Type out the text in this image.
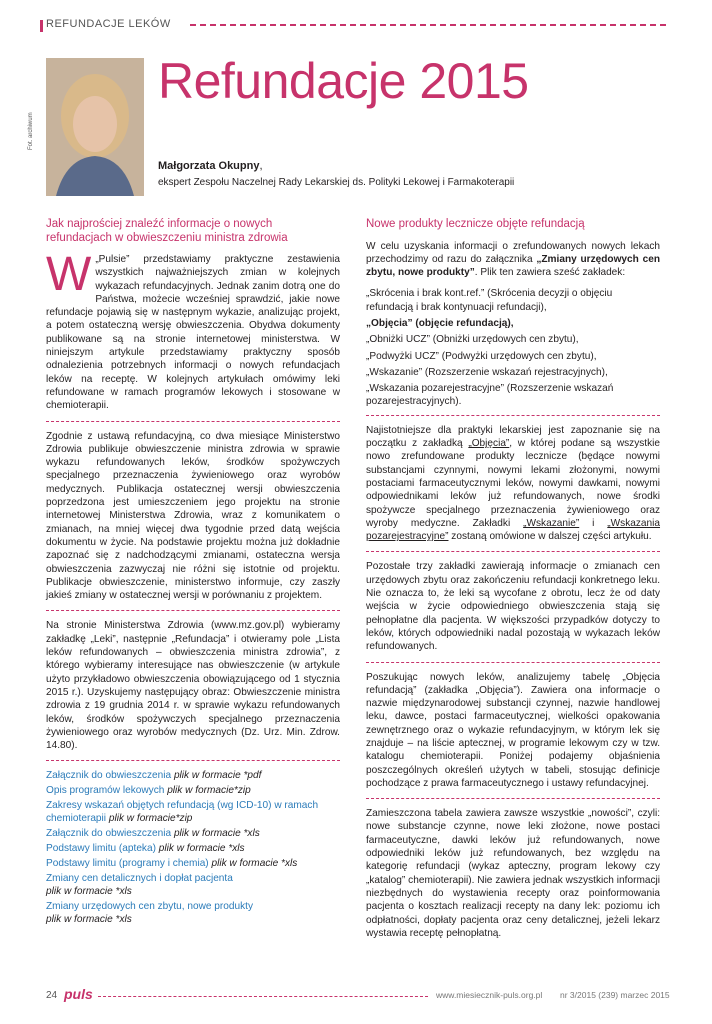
REFUNDACJE LEKÓW
Fot. archiwum
Refundacje 2015
Małgorzata Okupny,
ekspert Zespołu Naczelnej Rady Lekarskiej ds. Polityki Lekowej i Farmakoterapii
Jak najprościej znaleźć informacje o nowych refundacjach w obwieszczeniu ministra zdrowia

W „Pulsie” przedstawiamy praktyczne zestawienia wszystkich najważniejszych zmian w kolejnych wykazach refundacyjnych. Jednak zanim dotrą one do Państwa, możecie wcześniej sprawdzić, jakie nowe refundacje pojawią się w następnym wykazie, analizując projekt, a potem ostateczną wersję obwieszczenia. Obydwa dokumenty publikowane są na stronie internetowej ministerstwa. W niniejszym artykule przedstawiamy praktyczny sposób odnalezienia potrzebnych informacji o nowych refundacjach leków na receptę. W kolejnych artykułach omówimy leki refundowane w ramach programów lekowych i stosowane w chemioterapii.

Zgodnie z ustawą refundacyjną, co dwa miesiące Ministerstwo Zdrowia publikuje obwieszczenie ministra zdrowia w sprawie wykazu refundowanych leków, środków spożywczych specjalnego przeznaczenia żywieniowego oraz wyrobów medycznych. Publikacja ostatecznej wersji obwieszczenia poprzedzona jest umieszczeniem jego projektu na stronie internetowej Ministerstwa Zdrowia, wraz z komunikatem o zmianach, na mniej więcej dwa tygodnie przed datą wejścia dokumentu w życie. Na podstawie projektu można już dokładnie zapoznać się z nadchodzącymi zmianami, ostateczna wersja obwieszczenia zazwyczaj nie różni się istotnie od projektu. Publikacje obwieszczenie, ministerstwo informuje, czy zaszły jakieś zmiany w ostatecznej wersji w porównaniu z projektem.

Na stronie Ministerstwa Zdrowia (www.mz.gov.pl) wybieramy zakładkę „Leki”, następnie „Refundacja” i otwieramy pole „Lista leków refundowanych – obwieszczenia ministra zdrowia”, z którego wybieramy interesujące nas obwieszczenie (w artykule użyto przykładowo obwieszczenia obowiązującego od 1 stycznia 2015 r.). Uzyskujemy następujący obraz: Obwieszczenie ministra zdrowia z 19 grudnia 2014 r. w sprawie wykazu refundowanych leków, środków spożywczych specjalnego przeznaczenia żywieniowego oraz wyrobów medycznych (Dz. Urz. Min. Zdrow. 14.80).

Załącznik do obwieszczenia plik w formacie *pdf
Opis programów lekowych plik w formacie*zip
Zakresy wskazań objętych refundacją (wg ICD-10) w ramach chemioterapii plik w formacie*zip
Załącznik do obwieszczenia plik w formacie *xls
Podstawy limitu (apteka) plik w formacie *xls
Podstawy limitu (programy i chemia) plik w formacie *xls
Zmiany cen detalicznych i dopłat pacjenta
plik w formacie *xls
Zmiany urzędowych cen zbytu, nowe produkty
plik w formacie *xls
Nowe produkty lecznicze objęte refundacją

W celu uzyskania informacji o zrefundowanych nowych lekach przechodzimy od razu do załącznika „Zmiany urzędowych cen zbytu, nowe produkty”. Plik ten zawiera sześć zakładek:

„Skrócenia i brak kont.ref.” (Skrócenia decyzji o objęciu refundacją i brak kontynuacji refundacji),
„Objęcia” (objęcie refundacją),
„Obniżki UCZ” (Obniżki urzędowych cen zbytu),
„Podwyżki UCZ” (Podwyżki urzędowych cen zbytu),
„Wskazanie” (Rozszerzenie wskazań rejestracyjnych),
„Wskazania pozarejestracyjne” (Rozszerzenie wskazań pozarejestracyjnych).

Najistotniejsze dla praktyki lekarskiej jest zapoznanie się na początku z zakładką „Objęcia”, w której podane są wszystkie nowo zrefundowane produkty lecznicze (będące nowymi substancjami czynnymi, nowymi lekami złożonymi, nowymi postaciami farmaceutycznymi leków, nowymi dawkami, nowymi odpowiednikami leków już refundowanych, nowe środki spożywcze specjalnego przeznaczenia żywieniowego oraz wyroby medyczne. Zakładki „Wskazanie” i „Wskazania pozarejestracyjne” zostaną omówione w dalszej części artykułu.

Pozostałe trzy zakładki zawierają informacje o zmianach cen urzędowych zbytu oraz zakończeniu refundacji konkretnego leku. Nie oznacza to, że leki są wycofane z obrotu, lecz że od daty wejścia w życie odpowiedniego obwieszczenia stają się pełnopłatne dla pacjenta. W większości przypadków dotyczy to leków, których odpowiedniki nadal pozostają w wykazach leków refundowanych.

Poszukując nowych leków, analizujemy tabelę „Objęcia refundacją” (zakładka „Objęcia”). Zawiera ona informacje o nazwie międzynarodowej substancji czynnej, nazwie handlowej leku, dawce, postaci farmaceutycznej, wielkości opakowania zewnętrznego oraz o wykazie refundacyjnym, w którym lek się znajduje – na liście aptecznej, w programie lekowym czy w tzw. katalogu chemioterapii. Poniżej podajemy objaśnienia poszczególnych określeń użytych w tabeli, stosując definicje pochodzące z prawa farmaceutycznego i ustawy refundacyjnej.

Zamieszczona tabela zawiera zawsze wszystkie „nowości”, czyli: nowe substancje czynne, nowe leki złożone, nowe postaci farmaceutyczne, dawki leków już refundowanych, nowe odpowiedniki leków już refundowanych, bez względu na kategorię refundacji (wykaz apteczny, program lekowy czy „katalog” chemioterapii). Nie zawiera jednak wszystkich informacji niezbędnych do wystawienia recepty oraz poinformowania pacjenta o kosztach realizacji recepty na dany lek: poziomu ich odpłatności, dopłaty pacjenta oraz ceny detalicznej, jeżeli lekarz wystawia receptę pełnopłatną.

24 puls	www.miesiecznik-puls.org.pl nr 3/2015 (239) marzec 2015
